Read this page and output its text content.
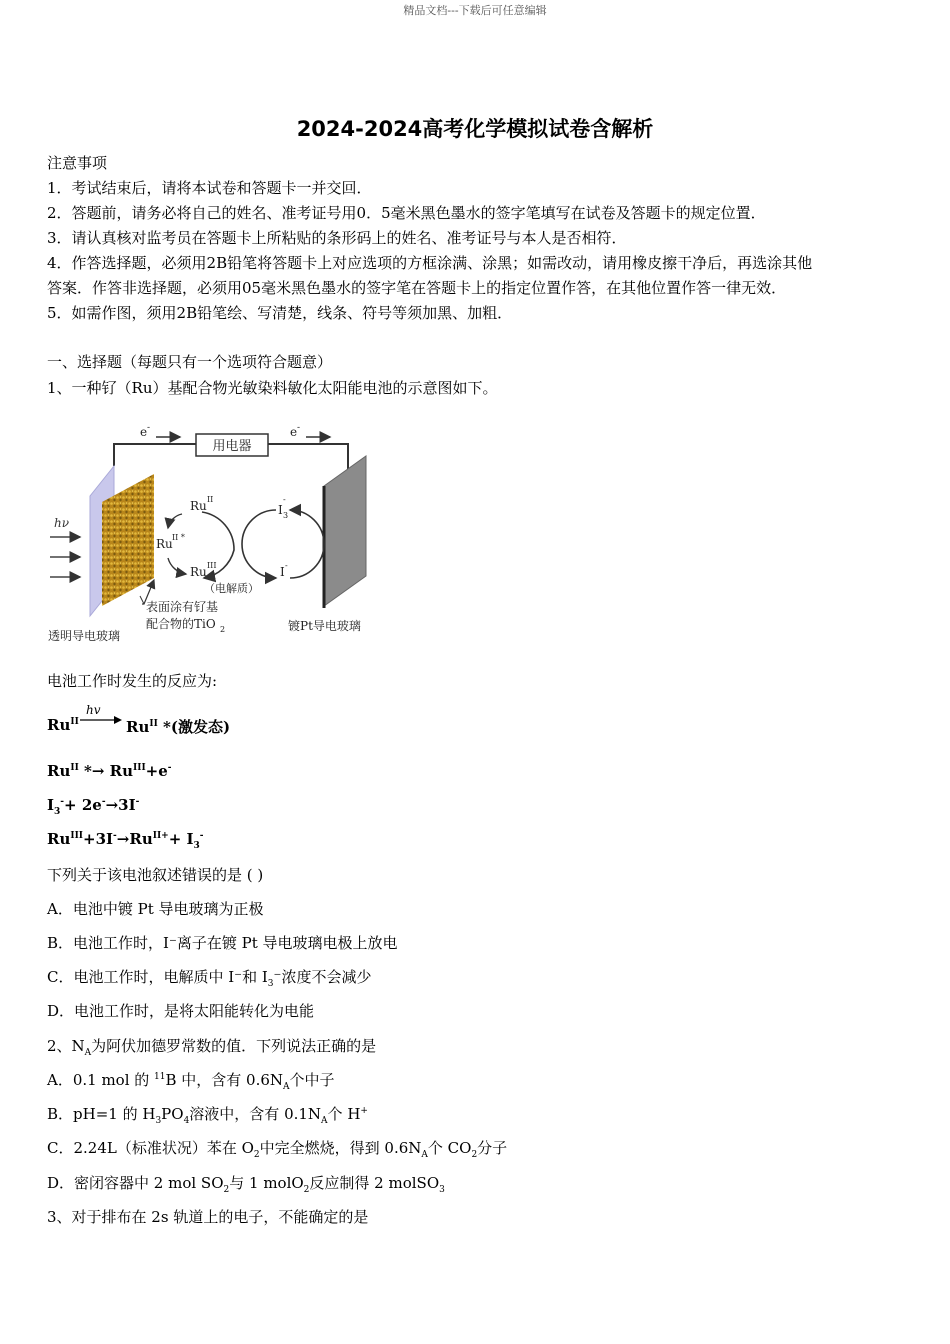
精品文档---下载后可任意编辑
2024-2024高考化学模拟试卷含解析
注意事项
1．考试结束后，请将本试卷和答题卡一并交回．
2．答题前，请务必将自己的姓名、准考证号用0．5毫米黑色墨水的签字笔填写在试卷及答题卡的规定位置．
3．请认真核对监考员在答题卡上所粘贴的条形码上的姓名、准考证号与本人是否相符．
4．作答选择题，必须用2B铅笔将答题卡上对应选项的方框涂满、涂黑；如需改动，请用橡皮擦干净后，再选涂其他
答案．作答非选择题，必须用05毫米黑色墨水的签字笔在答题卡上的指定位置作答，在其他位置作答一律无效．
5．如需作图，须用2B铅笔绘、写清楚，线条、符号等须加黑、加粗．
一、选择题（每题只有一个选项符合题意）
1、一种钌（Ru）基配合物光敏染料敏化太阳能电池的示意图如下。
用电器
e -	e -
hν
Ru II
Ru II *
Ru III
I
-
3
I -
（电解质）
表面涂有钌基
配合物的TiO 2
透明导电玻璃
镀Pt导电玻璃
电池工作时发生的反应为:
$Ru^{II}$
hv
$Ru^{II}$ *(激发态)
$Ru^{II} *\to Ru^{III}+e^-$
$I_3^-+ 2e^-\to 3I^-$
$Ru^{III}+3I^-\to Ru^{II+}+ I_3^-$
下列关于该电池叙述错误的是 ( )
A．电池中镀 Pt 导电玻璃为正极
B．电池工作时，I⁻离子在镀 Pt 导电玻璃电极上放电
C．电池工作时，电解质中 I⁻和 $I_3^-$浓度不会减少
D．电池工作时，是将太阳能转化为电能
2、$N_A$为阿伏加德罗常数的值．下列说法正确的是
A．0.1 mol 的 $^{11}$B 中，含有 $0.6N_A$个中子
B．pH=1 的 $H_3PO_4$溶液中，含有 $0.1N_A$个 H+
C．2.24L（标准状况）苯在 $O_2$中完全燃烧，得到 $0.6N_A$个 $CO_2$分子
D．密闭容器中 2 mol $SO_2$与 1 molO$_2$反应制得 2 molSO$_3$
3、对于排布在 2s 轨道上的电子，不能确定的是
